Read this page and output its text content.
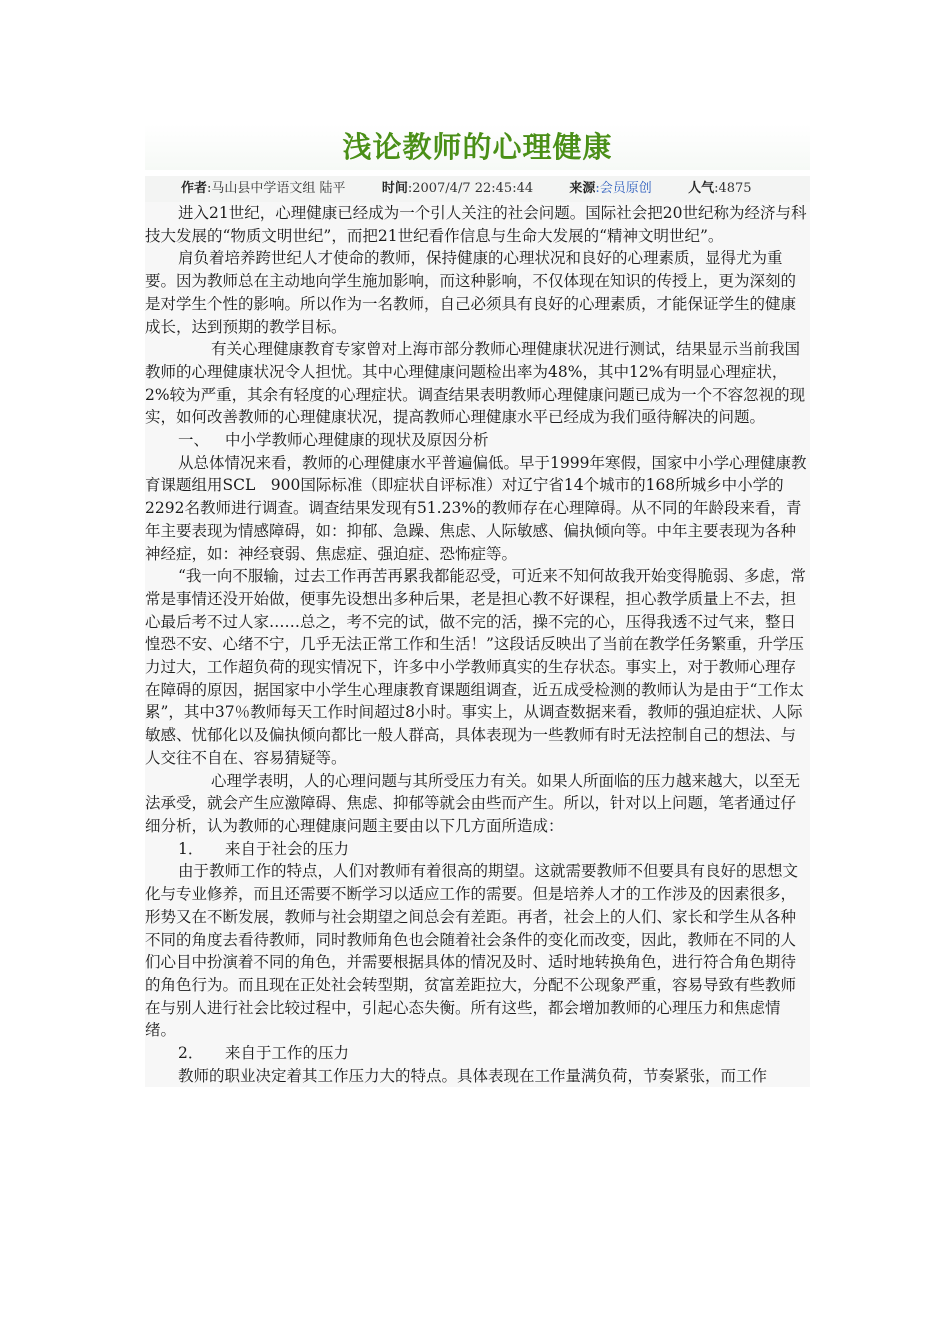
浅论教师的心理健康
作者:马山县中学语文组 陆平	时间:2007/4/7 22:45:44	来源:会员原创	人气:4875

进入21世纪，心理健康已经成为一个引人关注的社会问题。国际社会把20世纪称为经济与科技大发展的“物质文明世纪”，而把21世纪看作信息与生命大发展的“精神文明世纪”。

肩负着培养跨世纪人才使命的教师，保持健康的心理状况和良好的心理素质，显得尤为重要。因为教师总在主动地向学生施加影响，而这种影响，不仅体现在知识的传授上，更为深刻的是对学生个性的影响。所以作为一名教师，自己必须具有良好的心理素质，才能保证学生的健康成长，达到预期的教学目标。

有关心理健康教育专家曾对上海市部分教师心理健康状况进行测试，结果显示当前我国教师的心理健康状况令人担忧。其中心理健康问题检出率为48%，其中12%有明显心理症状，2%较为严重，其余有轻度的心理症状。调查结果表明教师心理健康问题已成为一个不容忽视的现实，如何改善教师的心理健康状况，提高教师心理健康水平已经成为我们亟待解决的问题。

一、 中小学教师心理健康的现状及原因分析

从总体情况来看，教师的心理健康水平普遍偏低。早于1999年寒假，国家中小学心理健康教育课题组用SCL　900国际标准（即症状自评标准）对辽宁省14个城市的168所城乡中小学的2292名教师进行调查。调查结果发现有51.23%的教师存在心理障碍。从不同的年龄段来看，青年主要表现为情感障碍，如：抑郁、急躁、焦虑、人际敏感、偏执倾向等。中年主要表现为各种神经症，如：神经衰弱、焦虑症、强迫症、恐怖症等。

“我一向不服输，过去工作再苦再累我都能忍受，可近来不知何故我开始变得脆弱、多虑，常常是事情还没开始做，便事先设想出多种后果，老是担心教不好课程，担心教学质量上不去，担心最后考不过人家……总之，考不完的试，做不完的活，操不完的心，压得我透不过气来，整日惶恐不安、心绪不宁，几乎无法正常工作和生活！”这段话反映出了当前在教学任务繁重，升学压力过大，工作超负荷的现实情况下，许多中小学教师真实的生存状态。事实上，对于教师心理存在障碍的原因，据国家中小学生心理康教育课题组调查，近五成受检测的教师认为是由于“工作太累”，其中37％教师每天工作时间超过8小时。事实上，从调查数据来看，教师的强迫症状、人际敏感、忧郁化以及偏执倾向都比一般人群高，具体表现为一些教师有时无法控制自己的想法、与人交往不自在、容易猜疑等。

心理学表明，人的心理问题与其所受压力有关。如果人所面临的压力越来越大，以至无法承受，就会产生应激障碍、焦虑、抑郁等就会由些而产生。所以，针对以上问题，笔者通过仔细分析，认为教师的心理健康问题主要由以下几方面所造成：

1． 来自于社会的压力

由于教师工作的特点，人们对教师有着很高的期望。这就需要教师不但要具有良好的思想文化与专业修养，而且还需要不断学习以适应工作的需要。但是培养人才的工作涉及的因素很多，形势又在不断发展，教师与社会期望之间总会有差距。再者，社会上的人们、家长和学生从各种不同的角度去看待教师，同时教师角色也会随着社会条件的变化而改变，因此，教师在不同的人们心目中扮演着不同的角色，并需要根据具体的情况及时、适时地转换角色，进行符合角色期待的角色行为。而且现在正处社会转型期，贫富差距拉大，分配不公现象严重，容易导致有些教师在与别人进行社会比较过程中，引起心态失衡。所有这些，都会增加教师的心理压力和焦虑情绪。

2． 来自于工作的压力

教师的职业决定着其工作压力大的特点。具体表现在工作量满负荷，节奏紧张，而工作
